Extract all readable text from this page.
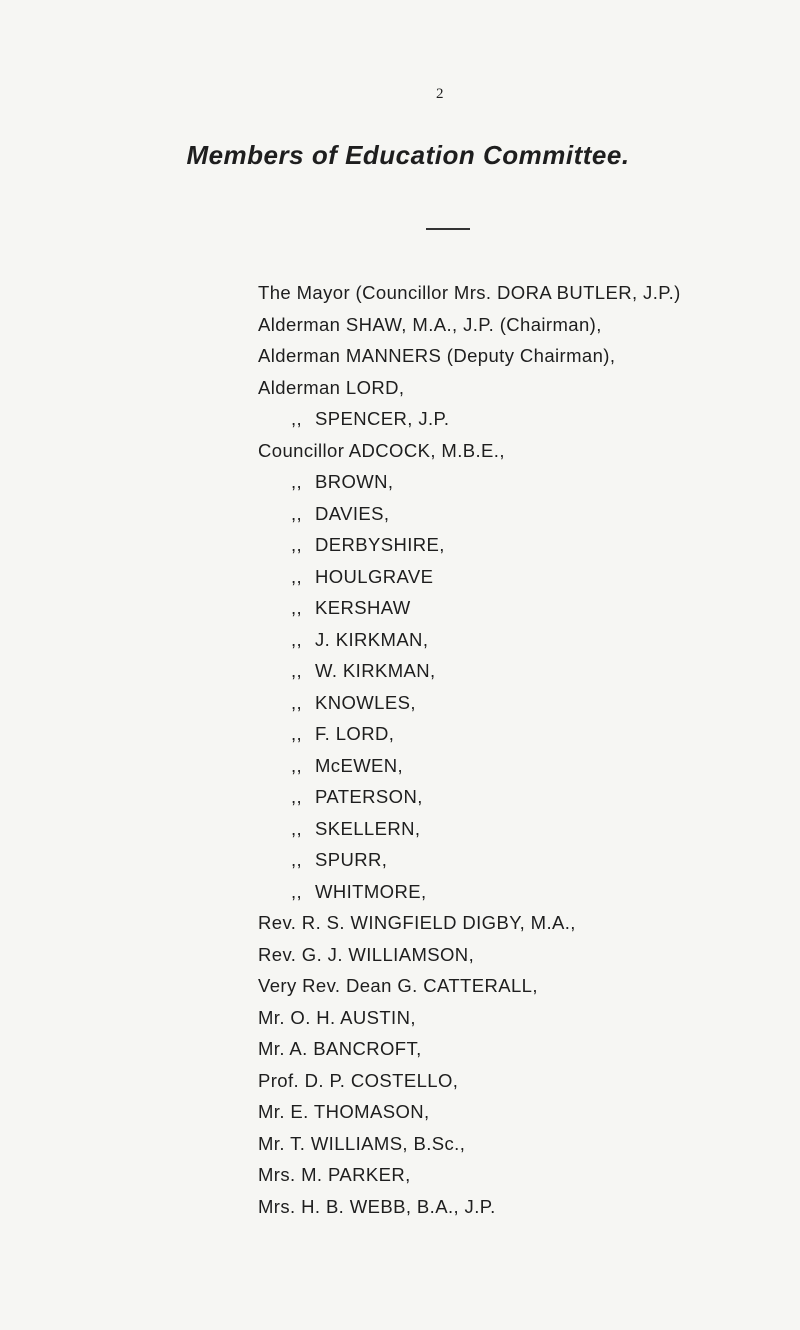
2
Members of Education Committee.
The Mayor (Councillor Mrs. DORA BUTLER, J.P.)
Alderman SHAW, M.A., J.P. (Chairman),
Alderman MANNERS (Deputy Chairman),
Alderman LORD,
,, SPENCER, J.P.
Councillor ADCOCK, M.B.E.,
,, BROWN,
,, DAVIES,
,, DERBYSHIRE,
,, HOULGRAVE
,, KERSHAW
,, J. KIRKMAN,
,, W. KIRKMAN,
,, KNOWLES,
,, F. LORD,
,, McEWEN,
,, PATERSON,
,, SKELLERN,
,, SPURR,
,, WHITMORE,
Rev. R. S. WINGFIELD DIGBY, M.A.,
Rev. G. J. WILLIAMSON,
Very Rev. Dean G. CATTERALL,
Mr. O. H. AUSTIN,
Mr. A. BANCROFT,
Prof. D. P. COSTELLO,
Mr. E. THOMASON,
Mr. T. WILLIAMS, B.Sc.,
Mrs. M. PARKER,
Mrs. H. B. WEBB, B.A., J.P.
